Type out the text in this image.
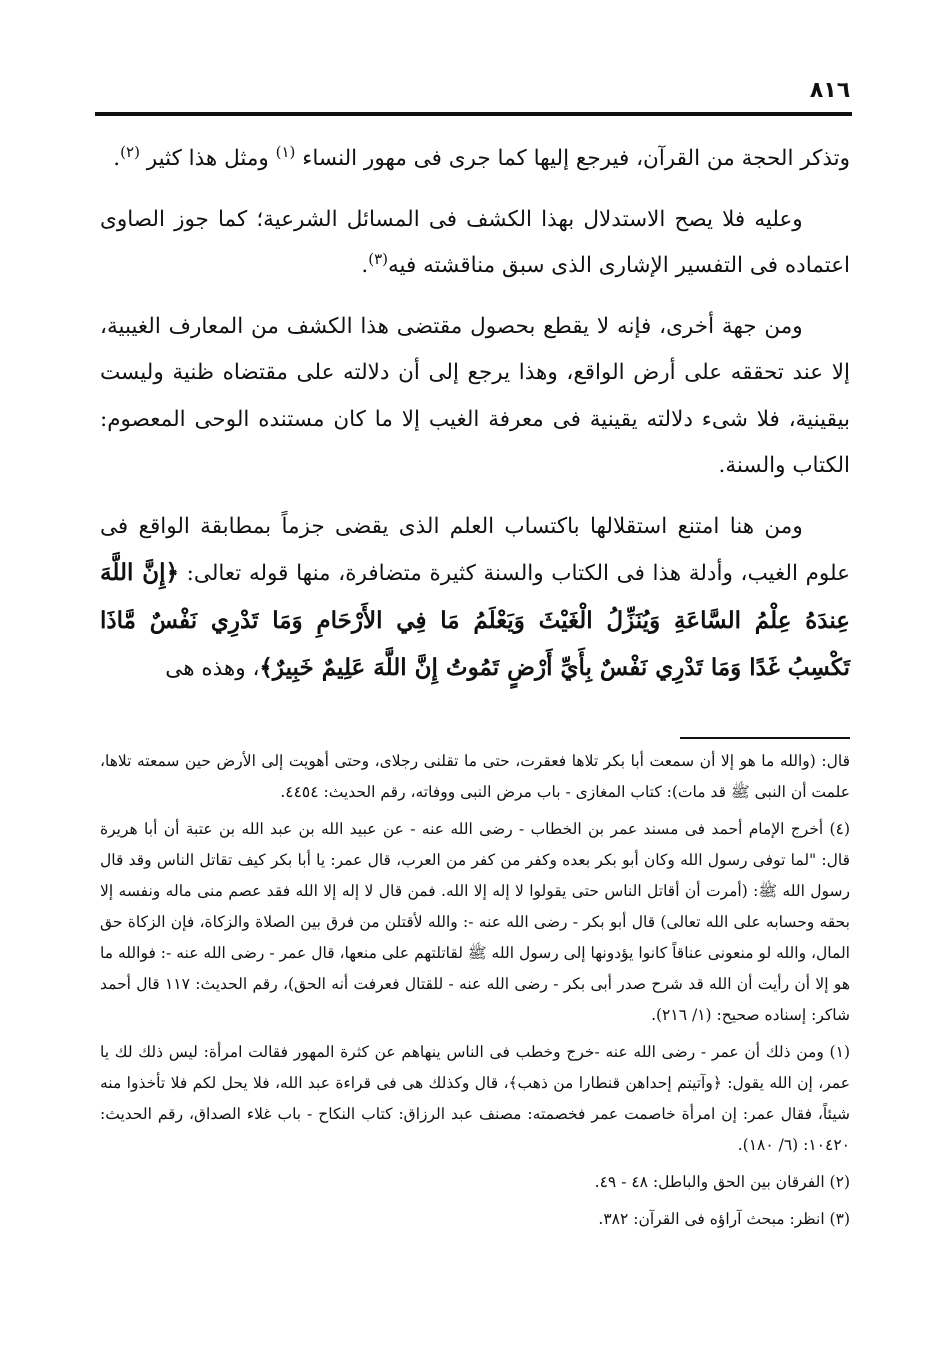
٨١٦

وتذكر الحجة من القرآن، فيرجع إليها كما جرى فى مهور النساء $^{(١)}$ ومثل هذا كثير $^{(٢)}$.

وعليه فلا يصح الاستدلال بهذا الكشف فى المسائل الشرعية؛ كما جوز الصاوى اعتماده فى التفسير الإشارى الذى سبق مناقشته فيه$^{(٣)}$.

ومن جهة أخرى، فإنه لا يقطع بحصول مقتضى هذا الكشف من المعارف الغيبية، إلا عند تحققه على أرض الواقع، وهذا يرجع إلى أن دلالته على مقتضاه ظنية وليست بيقينية، فلا شىء دلالته يقينية فى معرفة الغيب إلا ما كان مستنده الوحى المعصوم: الكتاب والسنة.

ومن هنا امتنع استقلالها باكتساب العلم الذى يقضى جزماً بمطابقة الواقع فى علوم الغيب، وأدلة هذا فى الكتاب والسنة كثيرة متضافرة، منها قوله تعالى: ﴿إِنَّ اللَّهَ عِندَهُ عِلْمُ السَّاعَةِ وَيُنَزِّلُ الْغَيْثَ وَيَعْلَمُ مَا فِي الأَرْحَامِ وَمَا تَدْرِي نَفْسٌ مَّاذَا تَكْسِبُ غَدًا وَمَا تَدْرِي نَفْسٌ بِأَيِّ أَرْضٍ تَمُوتُ إِنَّ اللَّهَ عَلِيمٌ خَبِيرٌ﴾، وهذه هى

قال: (والله ما هو إلا أن سمعت أبا بكر تلاها فعقرت، حتى ما تقلنى رجلاى، وحتى أهويت إلى الأرض حين سمعته تلاها، علمت أن النبى ﷺ قد مات): كتاب المغازى - باب مرض النبى ووفاته، رقم الحديث: ٤٤٥٤.

(٤) أخرج الإمام أحمد فى مسند عمر بن الخطاب - رضى الله عنه - عن عبيد الله بن عبد الله بن عتبة أن أبا هريرة قال: "لما توفى رسول الله وكان أبو بكر بعده وكفر من كفر من العرب، قال عمر: يا أبا بكر كيف تقاتل الناس وقد قال رسول الله ﷺ: (أمرت أن أقاتل الناس حتى يقولوا لا إله إلا الله. فمن قال لا إله إلا الله فقد عصم منى ماله ونفسه إلا بحقه وحسابه على الله تعالى) قال أبو بكر - رضى الله عنه -: والله لأقتلن من فرق بين الصلاة والزكاة، فإن الزكاة حق المال، والله لو منعونى عناقاً كانوا يؤدونها إلى رسول الله ﷺ لقاتلتهم على منعها، قال عمر - رضى الله عنه -: فوالله ما هو إلا أن رأيت أن الله قد شرح صدر أبى بكر - رضى الله عنه - للقتال فعرفت أنه الحق)، رقم الحديث: ١١٧ قال أحمد شاكر: إسناده صحيح: (١/ ٢١٦).

(١) ومن ذلك أن عمر - رضى الله عنه -خرج وخطب فى الناس ينهاهم عن كثرة المهور فقالت امرأة: ليس ذلك لك يا عمر، إن الله يقول: ﴿وآتيتم إحداهن قنطارا من ذهب﴾، قال وكذلك هى فى قراءة عبد الله، فلا يحل لكم فلا تأخذوا منه شيئاً، فقال عمر: إن امرأة خاصمت عمر فخصمته: مصنف عبد الرزاق: كتاب النكاح - باب غلاء الصداق، رقم الحديث: ١٠٤٢٠: (٦/ ١٨٠).

(٢) الفرقان بين الحق والباطل: ٤٨ - ٤٩.

(٣) انظر: مبحث آراؤه فى القرآن: ٣٨٢.
